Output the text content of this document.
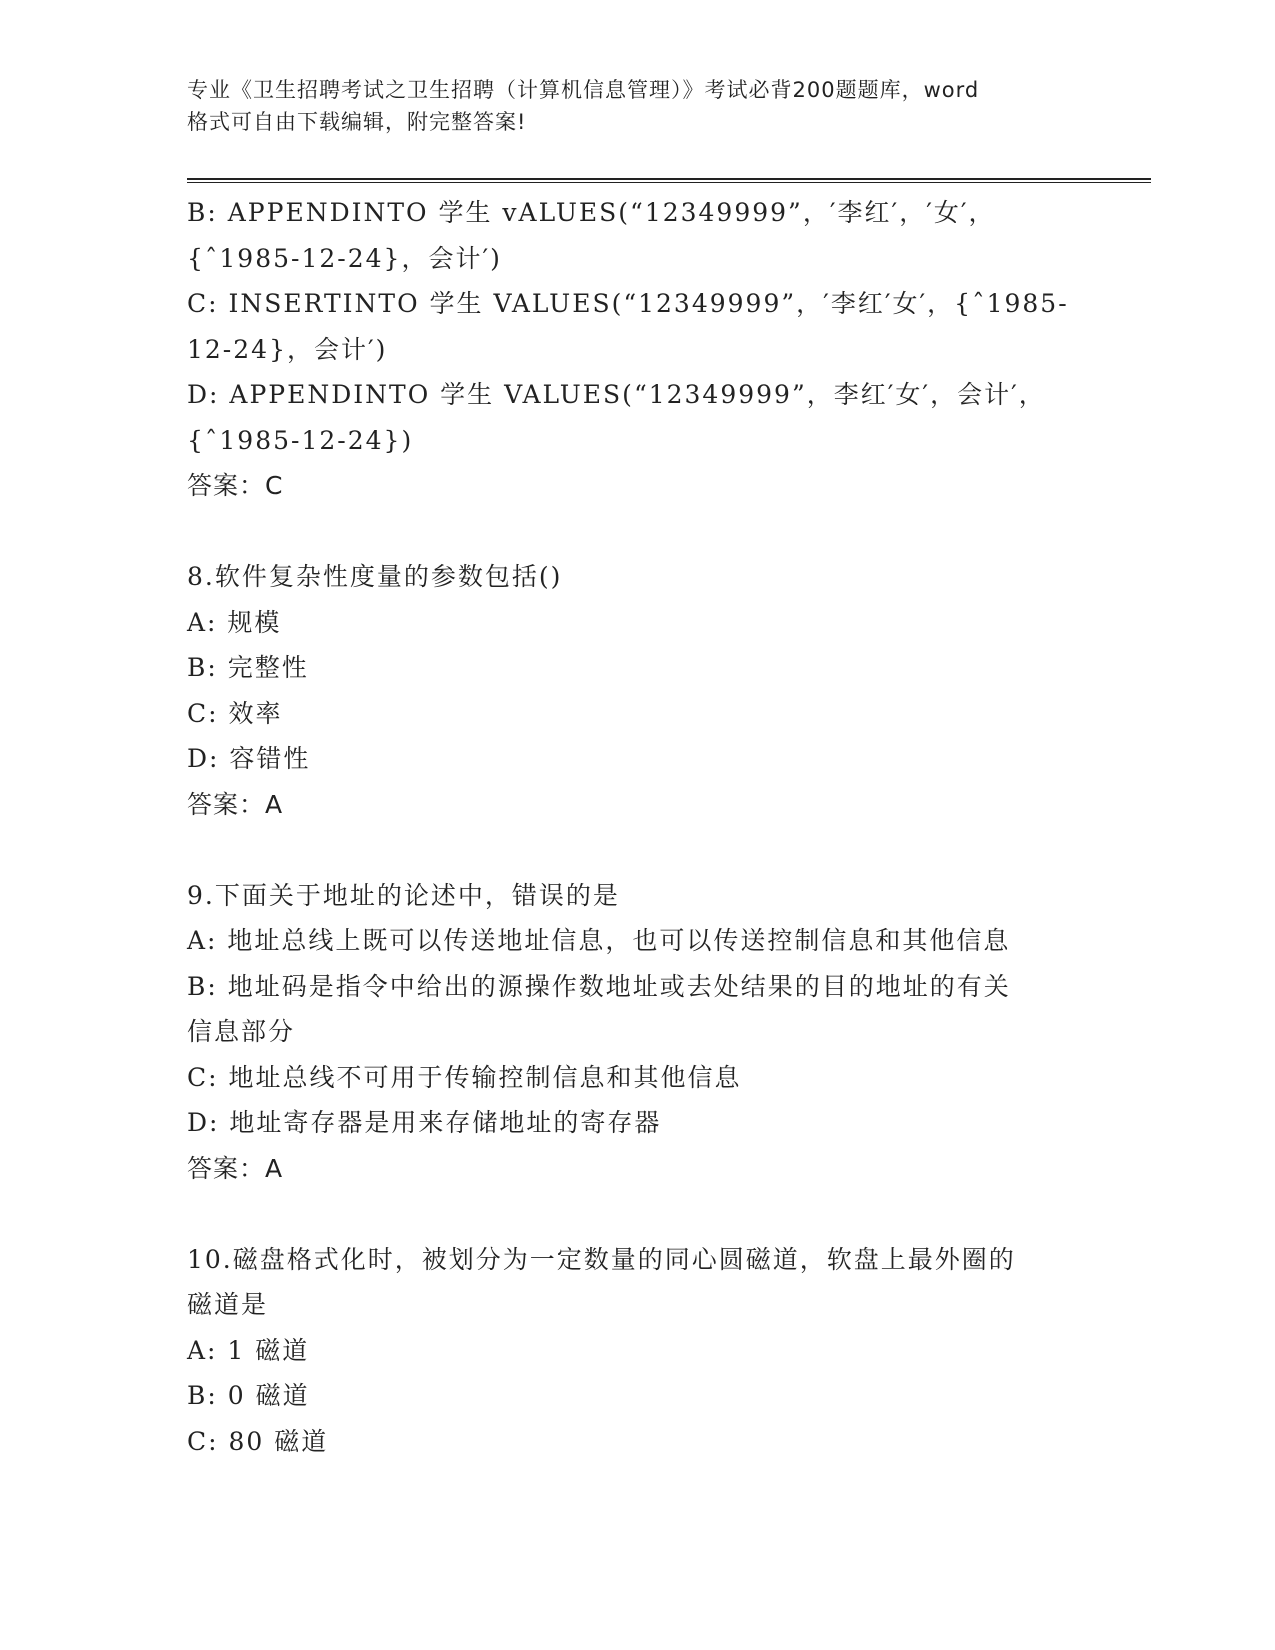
专业《卫生招聘考试之卫生招聘（计算机信息管理）》考试必背200题题库，word
格式可自由下载编辑，附完整答案!
B: APPENDINTO 学生 vALUES(“12349999”，′李红′，′女′，
{ˆ1985-12-24}，会计′)
C: INSERTINTO 学生 VALUES(“12349999”，′李红′女′，{ˆ1985-
12-24}，会计′)
D: APPENDINTO 学生 VALUES(“12349999”，李红′女′，会计′，
{ˆ1985-12-24})
答案：C
8.软件复杂性度量的参数包括()
A: 规模
B: 完整性
C: 效率
D: 容错性
答案：A
9.下面关于地址的论述中，错误的是
A: 地址总线上既可以传送地址信息，也可以传送控制信息和其他信息
B: 地址码是指令中给出的源操作数地址或去处结果的目的地址的有关
信息部分
C: 地址总线不可用于传输控制信息和其他信息
D: 地址寄存器是用来存储地址的寄存器
答案：A
10.磁盘格式化时，被划分为一定数量的同心圆磁道，软盘上最外圈的
磁道是
A: 1 磁道
B: 0 磁道
C: 80 磁道
